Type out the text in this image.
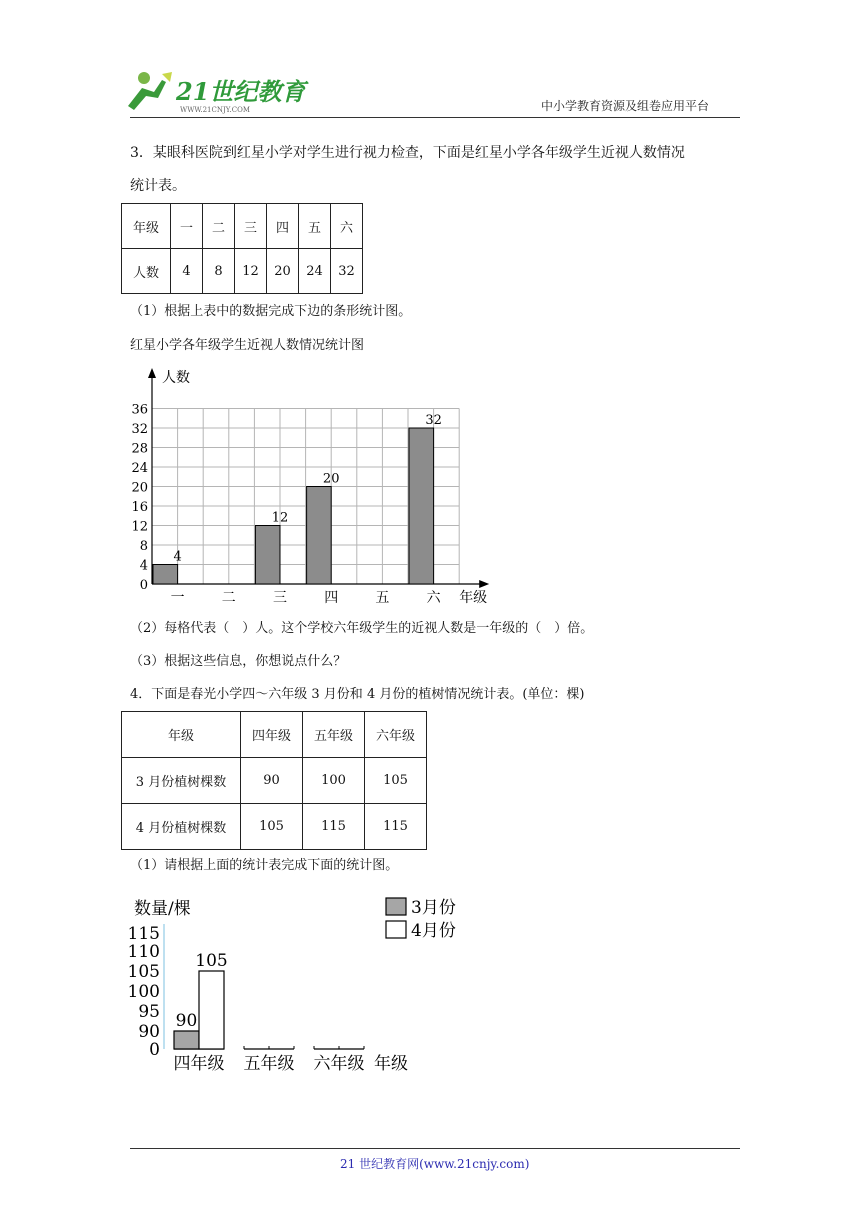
21世纪教育
WWW.21CNJY.COM	中小学教育资源及组卷应用平台
3．某眼科医院到红星小学对学生进行视力检查，下面是红星小学各年级学生近视人数情况
统计表。
年级	一	二	三	四	五	六
人数	4	8	12	20	24	32
（1）根据上表中的数据完成下边的条形统计图。
红星小学各年级学生近视人数情况统计图
人数
年级
0
4
8
12
16
20
24
28
32
36
一
4
二	三
12
四
20
五	六
32
（2）每格代表（　）人。这个学校六年级学生的近视人数是一年级的（　）倍。
（3）根据这些信息，你想说点什么？
4．下面是春光小学四～六年级 3 月份和 4 月份的植树情况统计表。(单位：棵)
年级	四年级	五年级	六年级
3 月份植树棵数	90	100	105
4 月份植树棵数	105	115	115
（1）请根据上面的统计表完成下面的统计图。
数量/棵
0
90
95
100
105
110
115
四年级
90
105
五年级 六年级 年级
3月份
4月份
21 世纪教育网(www.21cnjy.com)
